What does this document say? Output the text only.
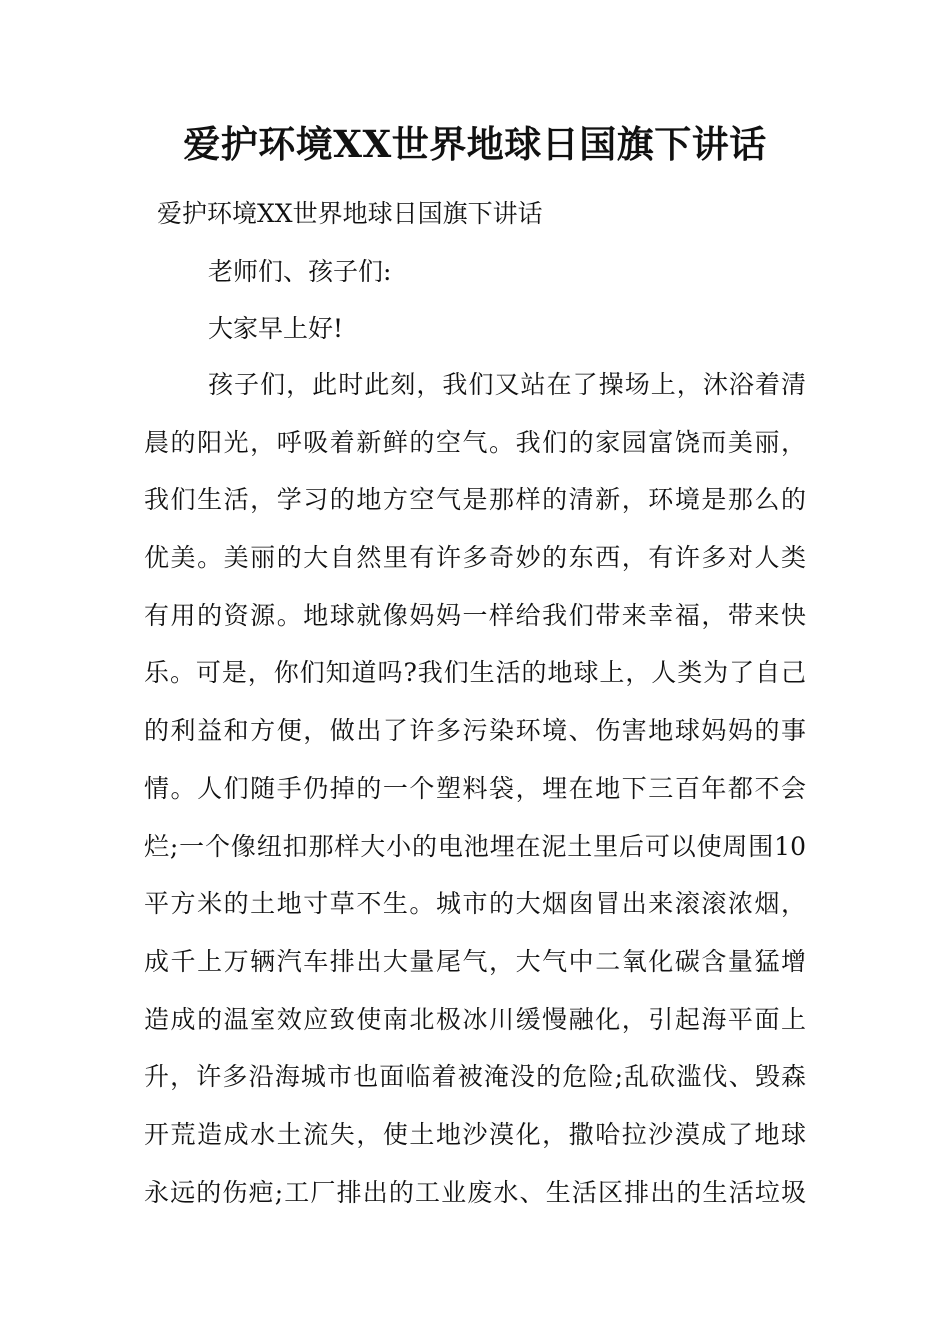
爱护环境XX世界地球日国旗下讲话
爱护环境XX世界地球日国旗下讲话
老师们、孩子们:
大家早上好!
孩子们，此时此刻，我们又站在了操场上，沐浴着清
晨的阳光，呼吸着新鲜的空气。我们的家园富饶而美丽，
我们生活，学习的地方空气是那样的清新，环境是那么的
优美。美丽的大自然里有许多奇妙的东西，有许多对人类
有用的资源。地球就像妈妈一样给我们带来幸福，带来快
乐。可是，你们知道吗?我们生活的地球上，人类为了自己
的利益和方便，做出了许多污染环境、伤害地球妈妈的事
情。人们随手仍掉的一个塑料袋，埋在地下三百年都不会
烂;一个像纽扣那样大小的电池埋在泥土里后可以使周围10
平方米的土地寸草不生。城市的大烟囱冒出来滚滚浓烟，
成千上万辆汽车排出大量尾气，大气中二氧化碳含量猛增
造成的温室效应致使南北极冰川缓慢融化，引起海平面上
升，许多沿海城市也面临着被淹没的危险;乱砍滥伐、毁森
开荒造成水土流失，使土地沙漠化，撒哈拉沙漠成了地球
永远的伤疤;工厂排出的工业废水、生活区排出的生活垃圾
